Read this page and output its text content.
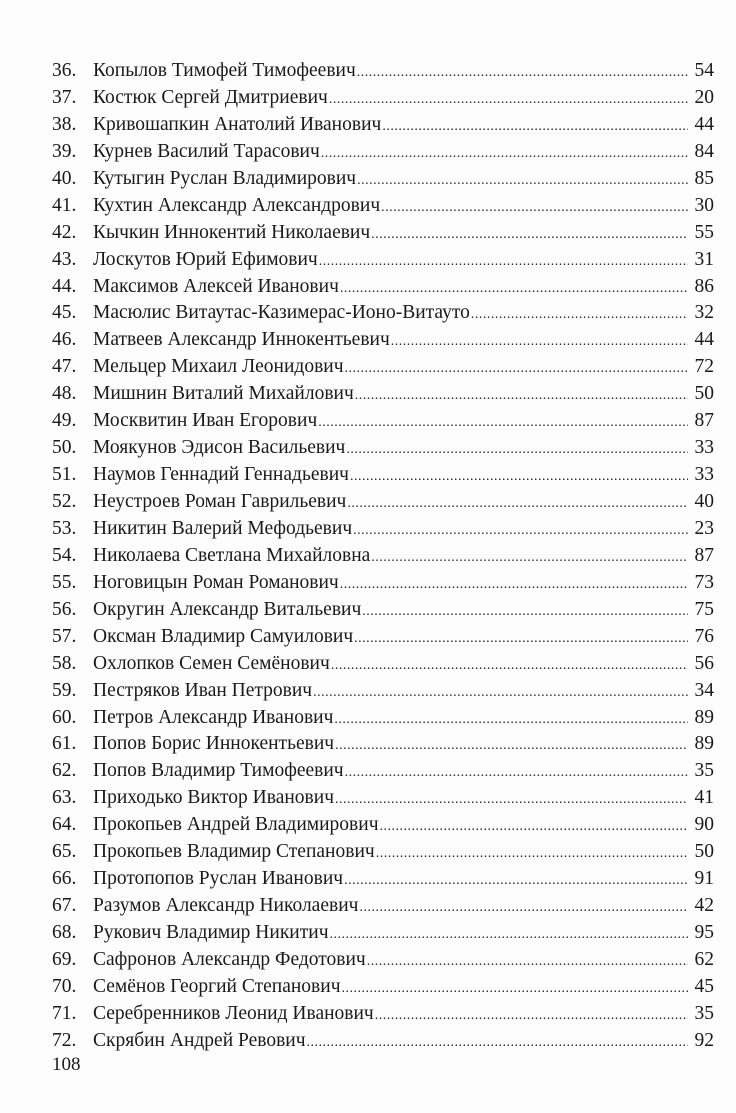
36. Копылов Тимофей Тимофеевич .....	54
37. Костюк Сергей Дмитриевич .....	20
38. Кривошапкин Анатолий Иванович .....	44
39. Курнев Василий Тарасович .....	84
40. Кутыгин Руслан Владимирович .....	85
41. Кухтин Александр Александрович .....	30
42. Кычкин Иннокентий Николаевич .....	55
43. Лоскутов Юрий Ефимович .....	31
44. Максимов Алексей Иванович .....	86
45. Масюлис Витаутас-Казимерас-Ионо-Витауто .....	32
46. Матвеев Александр Иннокентьевич .....	44
47. Мельцер Михаил Леонидович .....	72
48. Мишнин Виталий Михайлович .....	50
49. Москвитин Иван Егорович .....	87
50. Моякунов Эдисон Васильевич .....	33
51. Наумов Геннадий Геннадьевич .....	33
52. Неустроев Роман Гаврильевич .....	40
53. Никитин Валерий Мефодьевич .....	23
54. Николаева Светлана Михайловна .....	87
55. Ноговицын Роман Романович .....	73
56. Округин Александр Витальевич .....	75
57. Оксман Владимир Самуилович .....	76
58. Охлопков Семен Семёнович .....	56
59. Пестряков Иван Петрович .....	34
60. Петров Александр Иванович .....	89
61. Попов Борис Иннокентьевич .....	89
62. Попов Владимир Тимофеевич .....	35
63. Приходько Виктор Иванович .....	41
64. Прокопьев Андрей Владимирович .....	90
65. Прокопьев Владимир Степанович .....	50
66. Протопопов Руслан Иванович .....	91
67. Разумов Александр Николаевич .....	42
68. Рукович Владимир Никитич .....	95
69. Сафронов Александр Федотович .....	62
70. Семёнов Георгий Степанович .....	45
71. Серебренников Леонид Иванович .....	35
72. Скрябин Андрей Ревович .....	92
108
